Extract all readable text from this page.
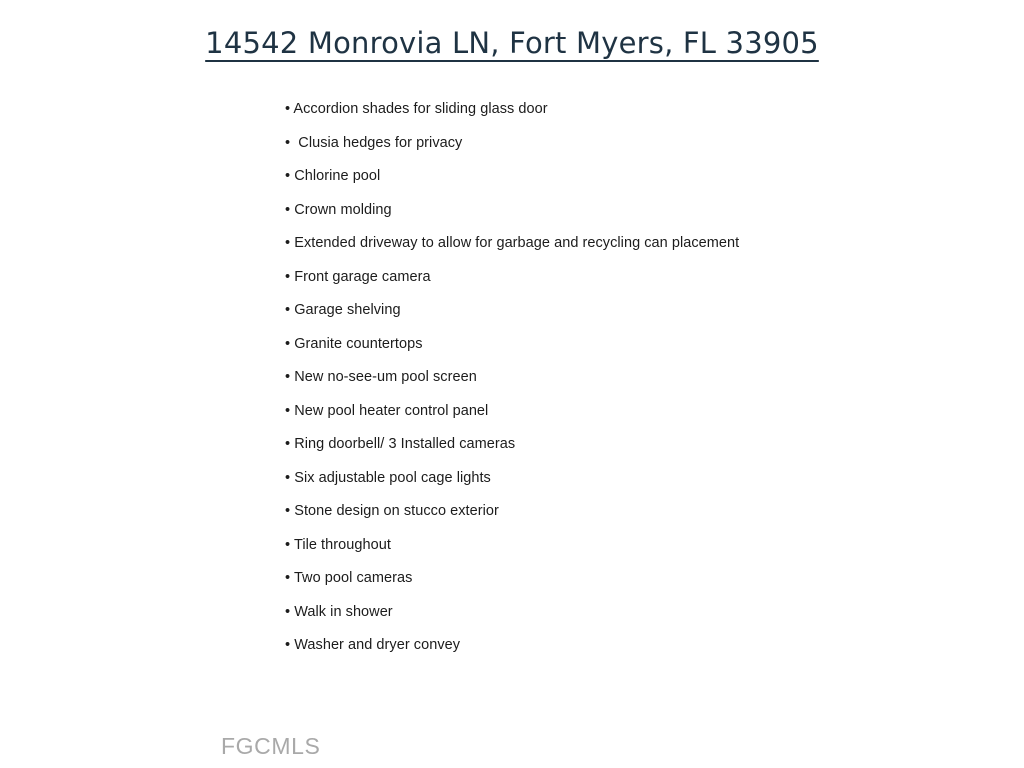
14542 Monrovia LN, Fort Myers, FL 33905
• Accordion shades for sliding glass door
•  Clusia hedges for privacy
• Chlorine pool
• Crown molding
• Extended driveway to allow for garbage and recycling can placement
• Front garage camera
• Garage shelving
• Granite countertops
• New no-see-um pool screen
• New pool heater control panel
• Ring doorbell/ 3 Installed cameras
• Six adjustable pool cage lights
• Stone design on stucco exterior
• Tile throughout
• Two pool cameras
• Walk in shower
• Washer and dryer convey
FGCMLS
